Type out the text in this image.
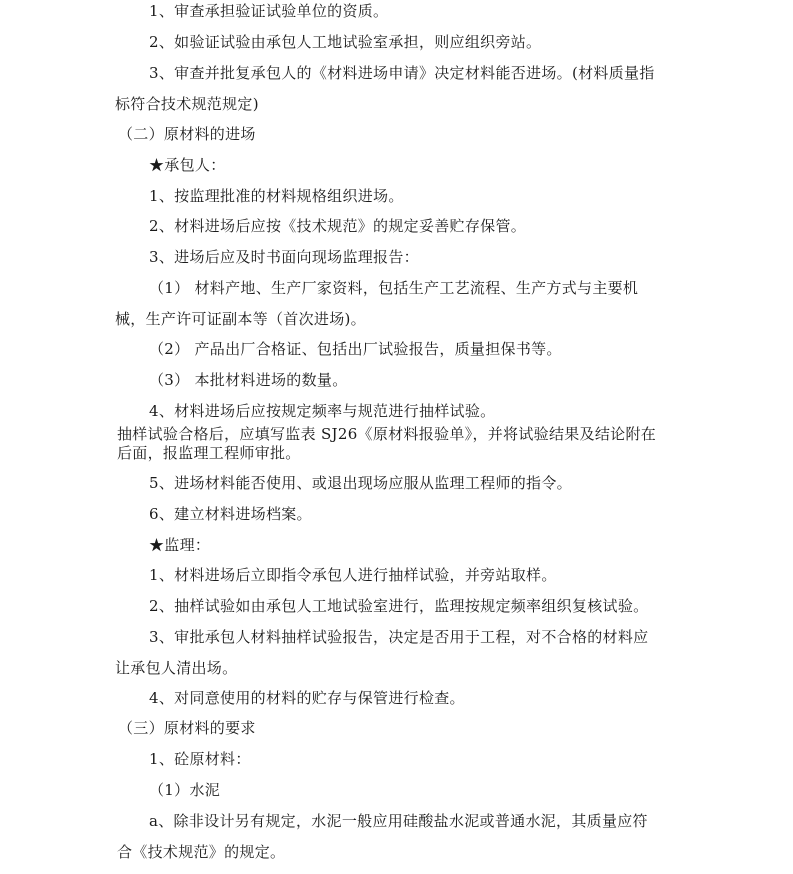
1、审查承担验证试验单位的资质。
2、如验证试验由承包人工地试验室承担，则应组织旁站。
3、审查并批复承包人的《材料进场申请》决定材料能否进场。(材料质量指
标符合技术规范规定)
（二）原材料的进场
★承包人：
1、按监理批准的材料规格组织进场。
2、材料进场后应按《技术规范》的规定妥善贮存保管。
3、进场后应及时书面向现场监理报告：
（1） 材料产地、生产厂家资料，包括生产工艺流程、生产方式与主要机
械，生产许可证副本等（首次进场)。
（2） 产品出厂合格证、包括出厂试验报告，质量担保书等。
（3） 本批材料进场的数量。
4、材料进场后应按规定频率与规范进行抽样试验。
抽样试验合格后，应填写监表 SJ26《原材料报验单》，并将试验结果及结论附在
后面，报监理工程师审批。
5、进场材料能否使用、或退出现场应服从监理工程师的指令。
6、建立材料进场档案。
★监理：
1、材料进场后立即指令承包人进行抽样试验，并旁站取样。
2、抽样试验如由承包人工地试验室进行，监理按规定频率组织复核试验。
3、审批承包人材料抽样试验报告，决定是否用于工程，对不合格的材料应
让承包人清出场。
4、对同意使用的材料的贮存与保管进行检查。
（三）原材料的要求
1、砼原材料：
（1）水泥
a、除非设计另有规定，水泥一般应用硅酸盐水泥或普通水泥，其质量应符
合《技术规范》的规定。
